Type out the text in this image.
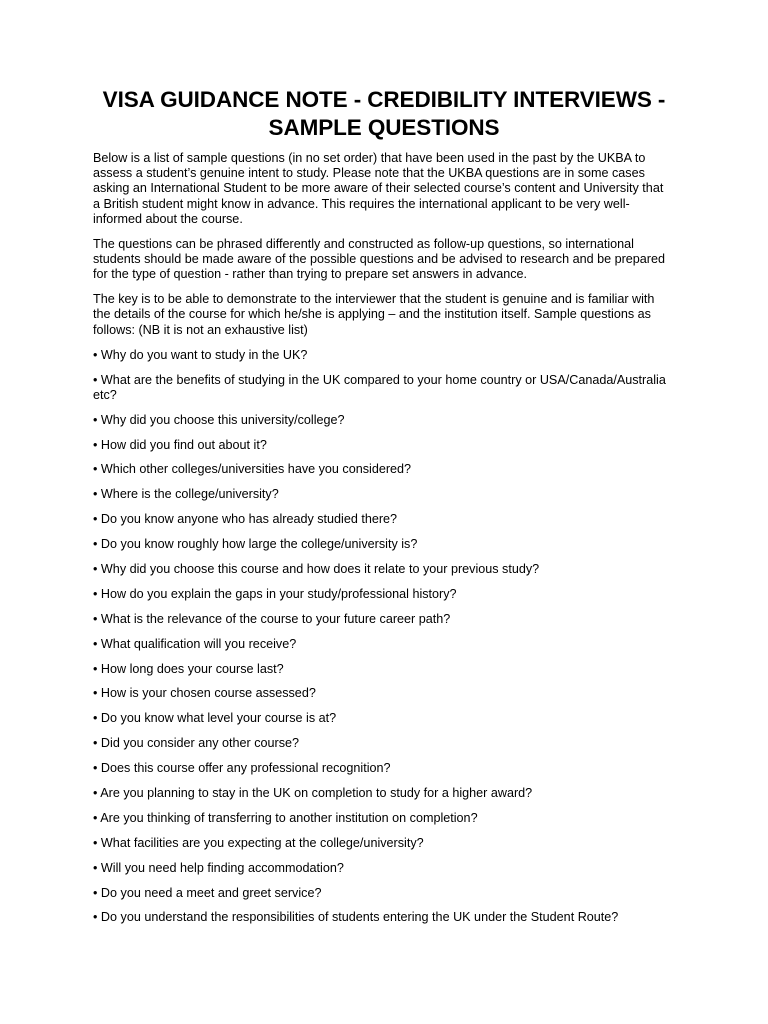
VISA GUIDANCE NOTE - CREDIBILITY INTERVIEWS - SAMPLE QUESTIONS

Below is a list of sample questions (in no set order) that have been used in the past by the UKBA to assess a student’s genuine intent to study. Please note that the UKBA questions are in some cases asking an International Student to be more aware of their selected course’s content and University that a British student might know in advance. This requires the international applicant to be very well-informed about the course.

The questions can be phrased differently and constructed as follow-up questions, so international students should be made aware of the possible questions and be advised to research and be prepared for the type of question - rather than trying to prepare set answers in advance.

The key is to be able to demonstrate to the interviewer that the student is genuine and is familiar with the details of the course for which he/she is applying – and the institution itself. Sample questions as follows: (NB it is not an exhaustive list)

• Why do you want to study in the UK?
• What are the benefits of studying in the UK compared to your home country or USA/Canada/Australia etc?
• Why did you choose this university/college?
• How did you find out about it?
• Which other colleges/universities have you considered?
• Where is the college/university?
• Do you know anyone who has already studied there?
• Do you know roughly how large the college/university is?
• Why did you choose this course and how does it relate to your previous study?
• How do you explain the gaps in your study/professional history?
• What is the relevance of the course to your future career path?
• What qualification will you receive?
• How long does your course last?
• How is your chosen course assessed?
• Do you know what level your course is at?
• Did you consider any other course?
• Does this course offer any professional recognition?
• Are you planning to stay in the UK on completion to study for a higher award?
• Are you thinking of transferring to another institution on completion?
• What facilities are you expecting at the college/university?
• Will you need help finding accommodation?
• Do you need a meet and greet service?
• Do you understand the responsibilities of students entering the UK under the Student Route?
